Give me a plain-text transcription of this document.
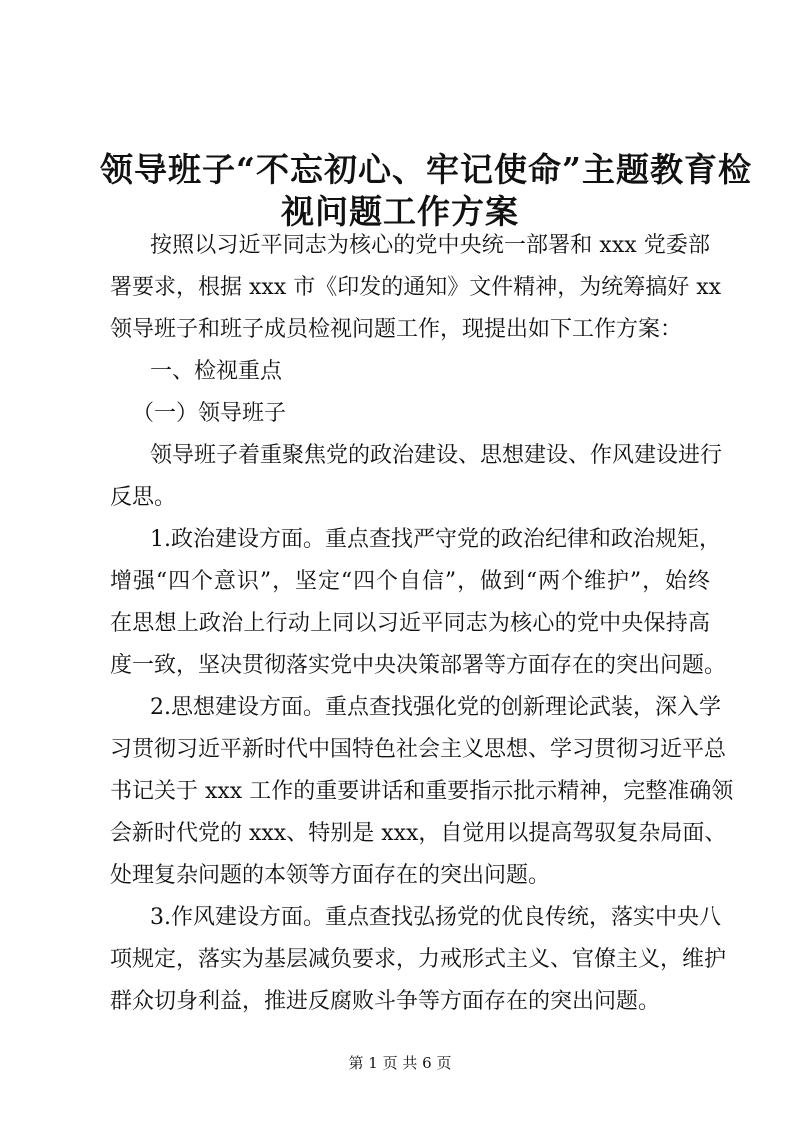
领导班子“不忘初心、牢记使命”主题教育检
视问题工作方案
按照以习近平同志为核心的党中央统一部署和 xxx 党委部
署要求，根据 xxx 市《印发的通知》文件精神，为统筹搞好 xx
领导班子和班子成员检视问题工作，现提出如下工作方案：
一、检视重点
（一）领导班子
领导班子着重聚焦党的政治建设、思想建设、作风建设进行
反思。
1.政治建设方面。重点查找严守党的政治纪律和政治规矩，
增强“四个意识”，坚定“四个自信”，做到“两个维护”，始终
在思想上政治上行动上同以习近平同志为核心的党中央保持高
度一致，坚决贯彻落实党中央决策部署等方面存在的突出问题。
2.思想建设方面。重点查找强化党的创新理论武装，深入学
习贯彻习近平新时代中国特色社会主义思想、学习贯彻习近平总
书记关于 xxx 工作的重要讲话和重要指示批示精神，完整准确领
会新时代党的 xxx、特别是 xxx，自觉用以提高驾驭复杂局面、
处理复杂问题的本领等方面存在的突出问题。
3.作风建设方面。重点查找弘扬党的优良传统，落实中央八
项规定，落实为基层减负要求，力戒形式主义、官僚主义，维护
群众切身利益，推进反腐败斗争等方面存在的突出问题。
第 1 页 共 6 页
